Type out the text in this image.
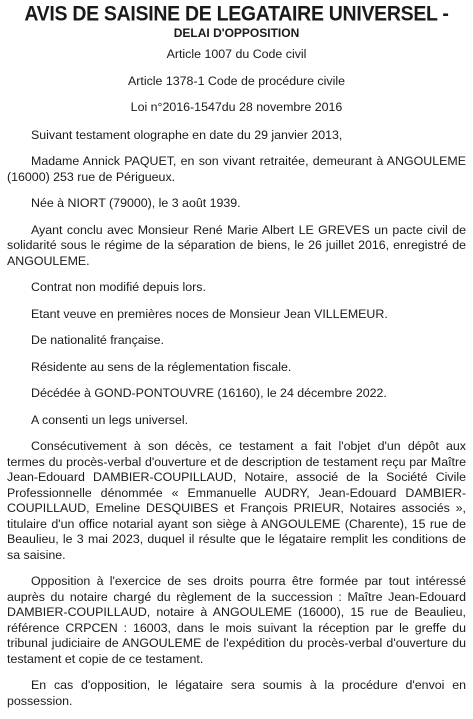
AVIS DE SAISINE DE LEGATAIRE UNIVERSEL -
DELAI D'OPPOSITION
Article 1007 du Code civil
Article 1378-1 Code de procédure civile
Loi n°2016-1547du 28 novembre 2016

Suivant testament olographe en date du 29 janvier 2013,

Madame Annick PAQUET, en son vivant retraitée, demeurant à ANGOULEME (16000) 253 rue de Périgueux.

Née à NIORT (79000), le 3 août 1939.

Ayant conclu avec Monsieur René Marie Albert LE GREVES un pacte civil de solidarité sous le régime de la séparation de biens, le 26 juillet 2016, enregistré de ANGOULEME.

Contrat non modifié depuis lors.

Etant veuve en premières noces de Monsieur Jean VILLEMEUR.

De nationalité française.

Résidente au sens de la réglementation fiscale.

Décédée à GOND-PONTOUVRE (16160), le 24 décembre 2022.

A consenti un legs universel.

Consécutivement à son décès, ce testament a fait l'objet d'un dépôt aux termes du procès-verbal d'ouverture et de description de testament reçu par Maître Jean-Edouard DAMBIER-COUPILLAUD, Notaire, associé de la Société Civile Professionnelle dénommée « Emmanuelle AUDRY, Jean-Edouard DAMBIER-COUPILLAUD, Emeline DESQUIBES et François PRIEUR, Notaires associés », titulaire d'un office notarial ayant son siège à ANGOULEME (Charente), 15 rue de Beaulieu, le 3 mai 2023, duquel il résulte que le légataire remplit les conditions de sa saisine.

Opposition à l'exercice de ses droits pourra être formée par tout intéressé auprès du notaire chargé du règlement de la succession : Maître Jean-Edouard DAMBIER-COUPILLAUD, notaire à ANGOULEME (16000), 15 rue de Beaulieu, référence CRPCEN : 16003, dans le mois suivant la réception par le greffe du tribunal judiciaire de ANGOULEME de l'expédition du procès-verbal d'ouverture du testament et copie de ce testament.

En cas d'opposition, le légataire sera soumis à la procédure d'envoi en possession.
